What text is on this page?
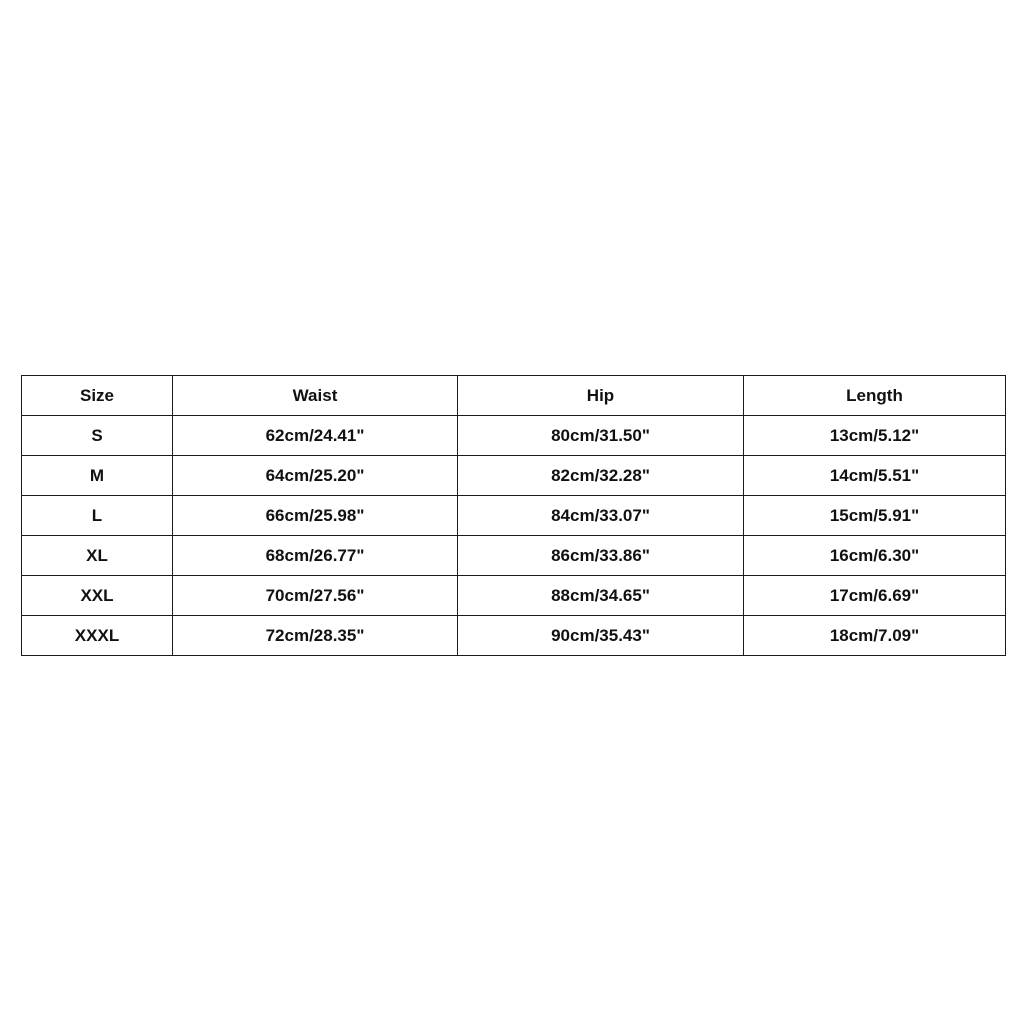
Size	Waist	Hip	Length
S	62cm/24.41"	80cm/31.50"	13cm/5.12"
M	64cm/25.20"	82cm/32.28"	14cm/5.51"
L	66cm/25.98"	84cm/33.07"	15cm/5.91"
XL	68cm/26.77"	86cm/33.86"	16cm/6.30"
XXL	70cm/27.56"	88cm/34.65"	17cm/6.69"
XXXL	72cm/28.35"	90cm/35.43"	18cm/7.09"
